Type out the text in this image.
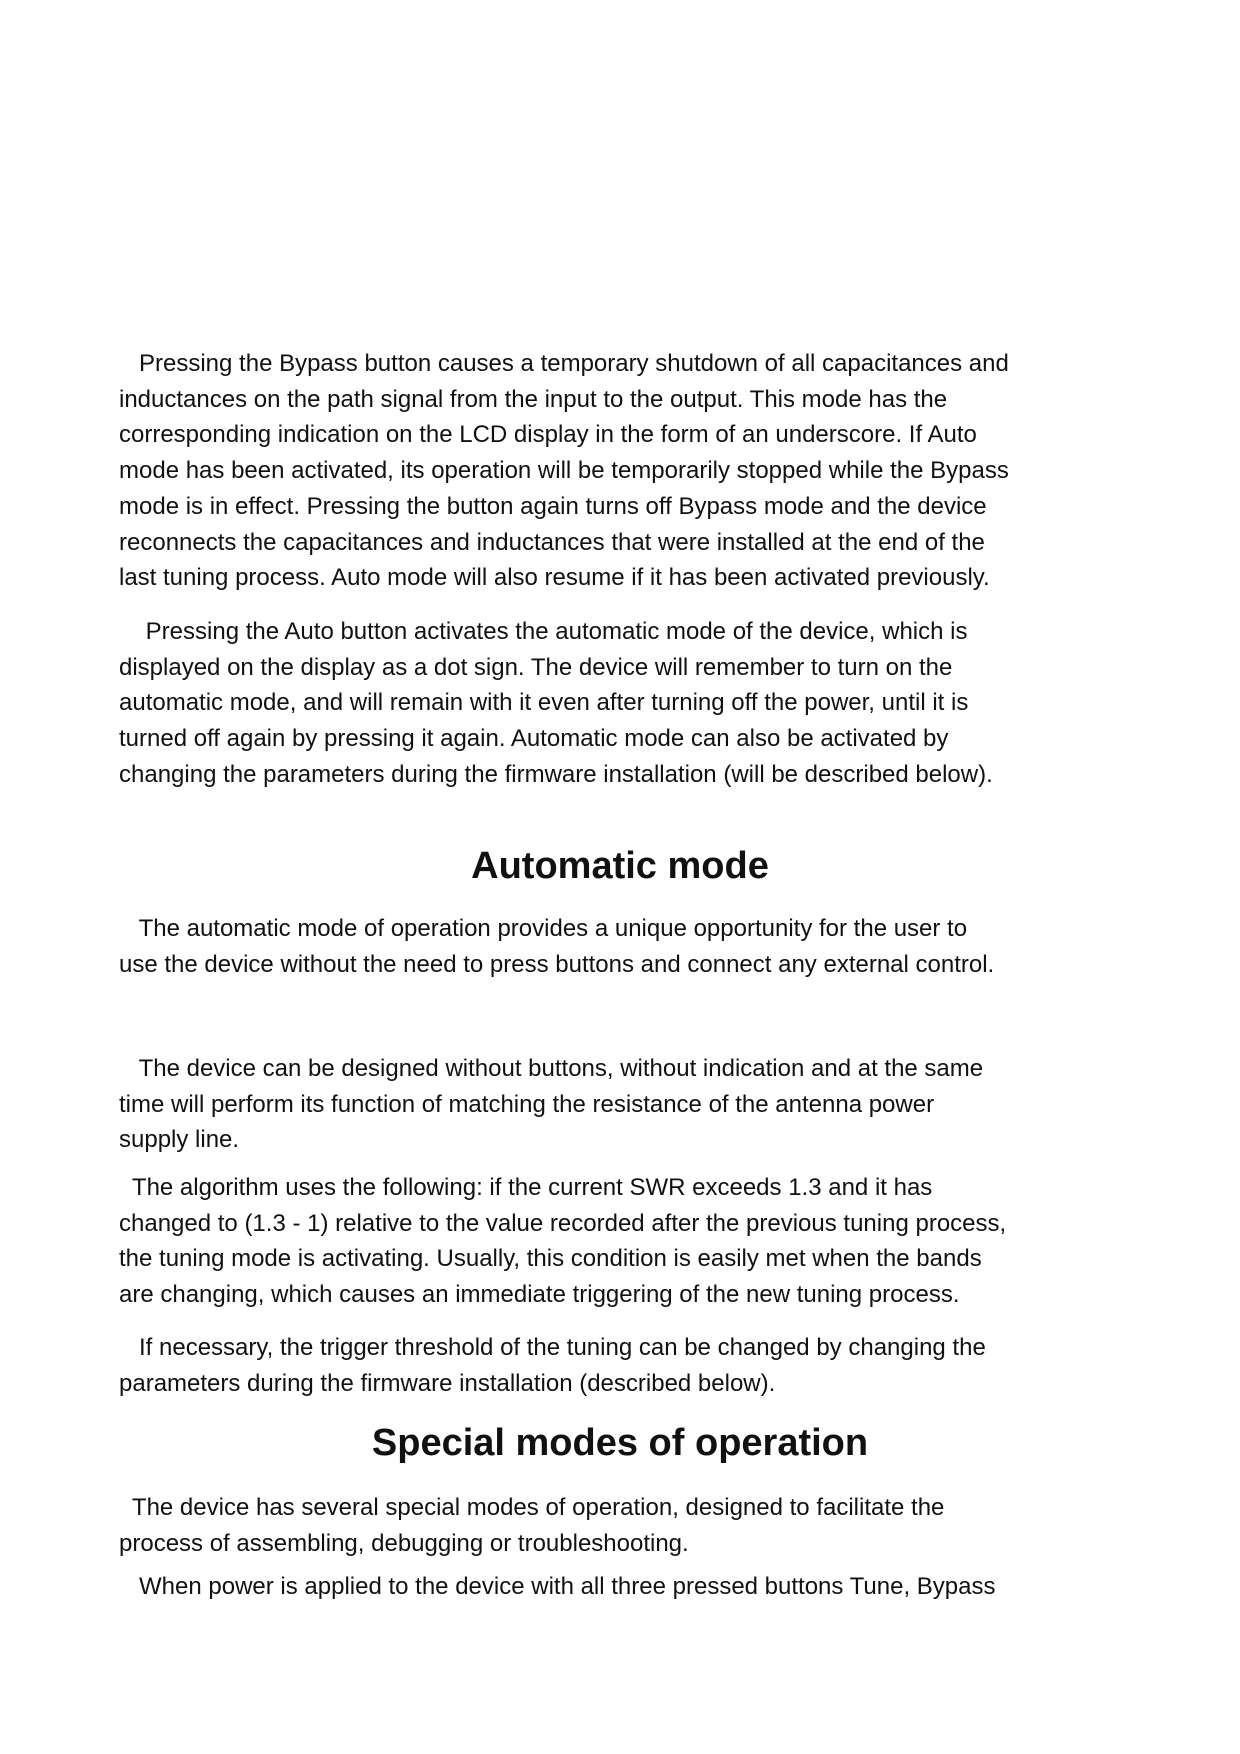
Pressing the Bypass button causes a temporary shutdown of all capacitances and
inductances on the path signal from the input to the output. This mode has the
corresponding indication on the LCD display in the form of an underscore. If Auto
mode has been activated, its operation will be temporarily stopped while the Bypass
mode is in effect. Pressing the button again turns off Bypass mode and the device
reconnects the capacitances and inductances that were installed at the end of the
last tuning process. Auto mode will also resume if it has been activated previously.

Pressing the Auto button activates the automatic mode of the device, which is
displayed on the display as a dot sign. The device will remember to turn on the
automatic mode, and will remain with it even after turning off the power, until it is
turned off again by pressing it again. Automatic mode can also be activated by
changing the parameters during the firmware installation (will be described below).

Automatic mode

The automatic mode of operation provides a unique opportunity for the user to
use the device without the need to press buttons and connect any external control.

The device can be designed without buttons, without indication and at the same
time will perform its function of matching the resistance of the antenna power
supply line.

The algorithm uses the following: if the current SWR exceeds 1.3 and it has
changed to (1.3 - 1) relative to the value recorded after the previous tuning process,
the tuning mode is activating. Usually, this condition is easily met when the bands
are changing, which causes an immediate triggering of the new tuning process.

If necessary, the trigger threshold of the tuning can be changed by changing the
parameters during the firmware installation (described below).

Special modes of operation

The device has several special modes of operation, designed to facilitate the
process of assembling, debugging or troubleshooting.

When power is applied to the device with all three pressed buttons Tune, Bypass
